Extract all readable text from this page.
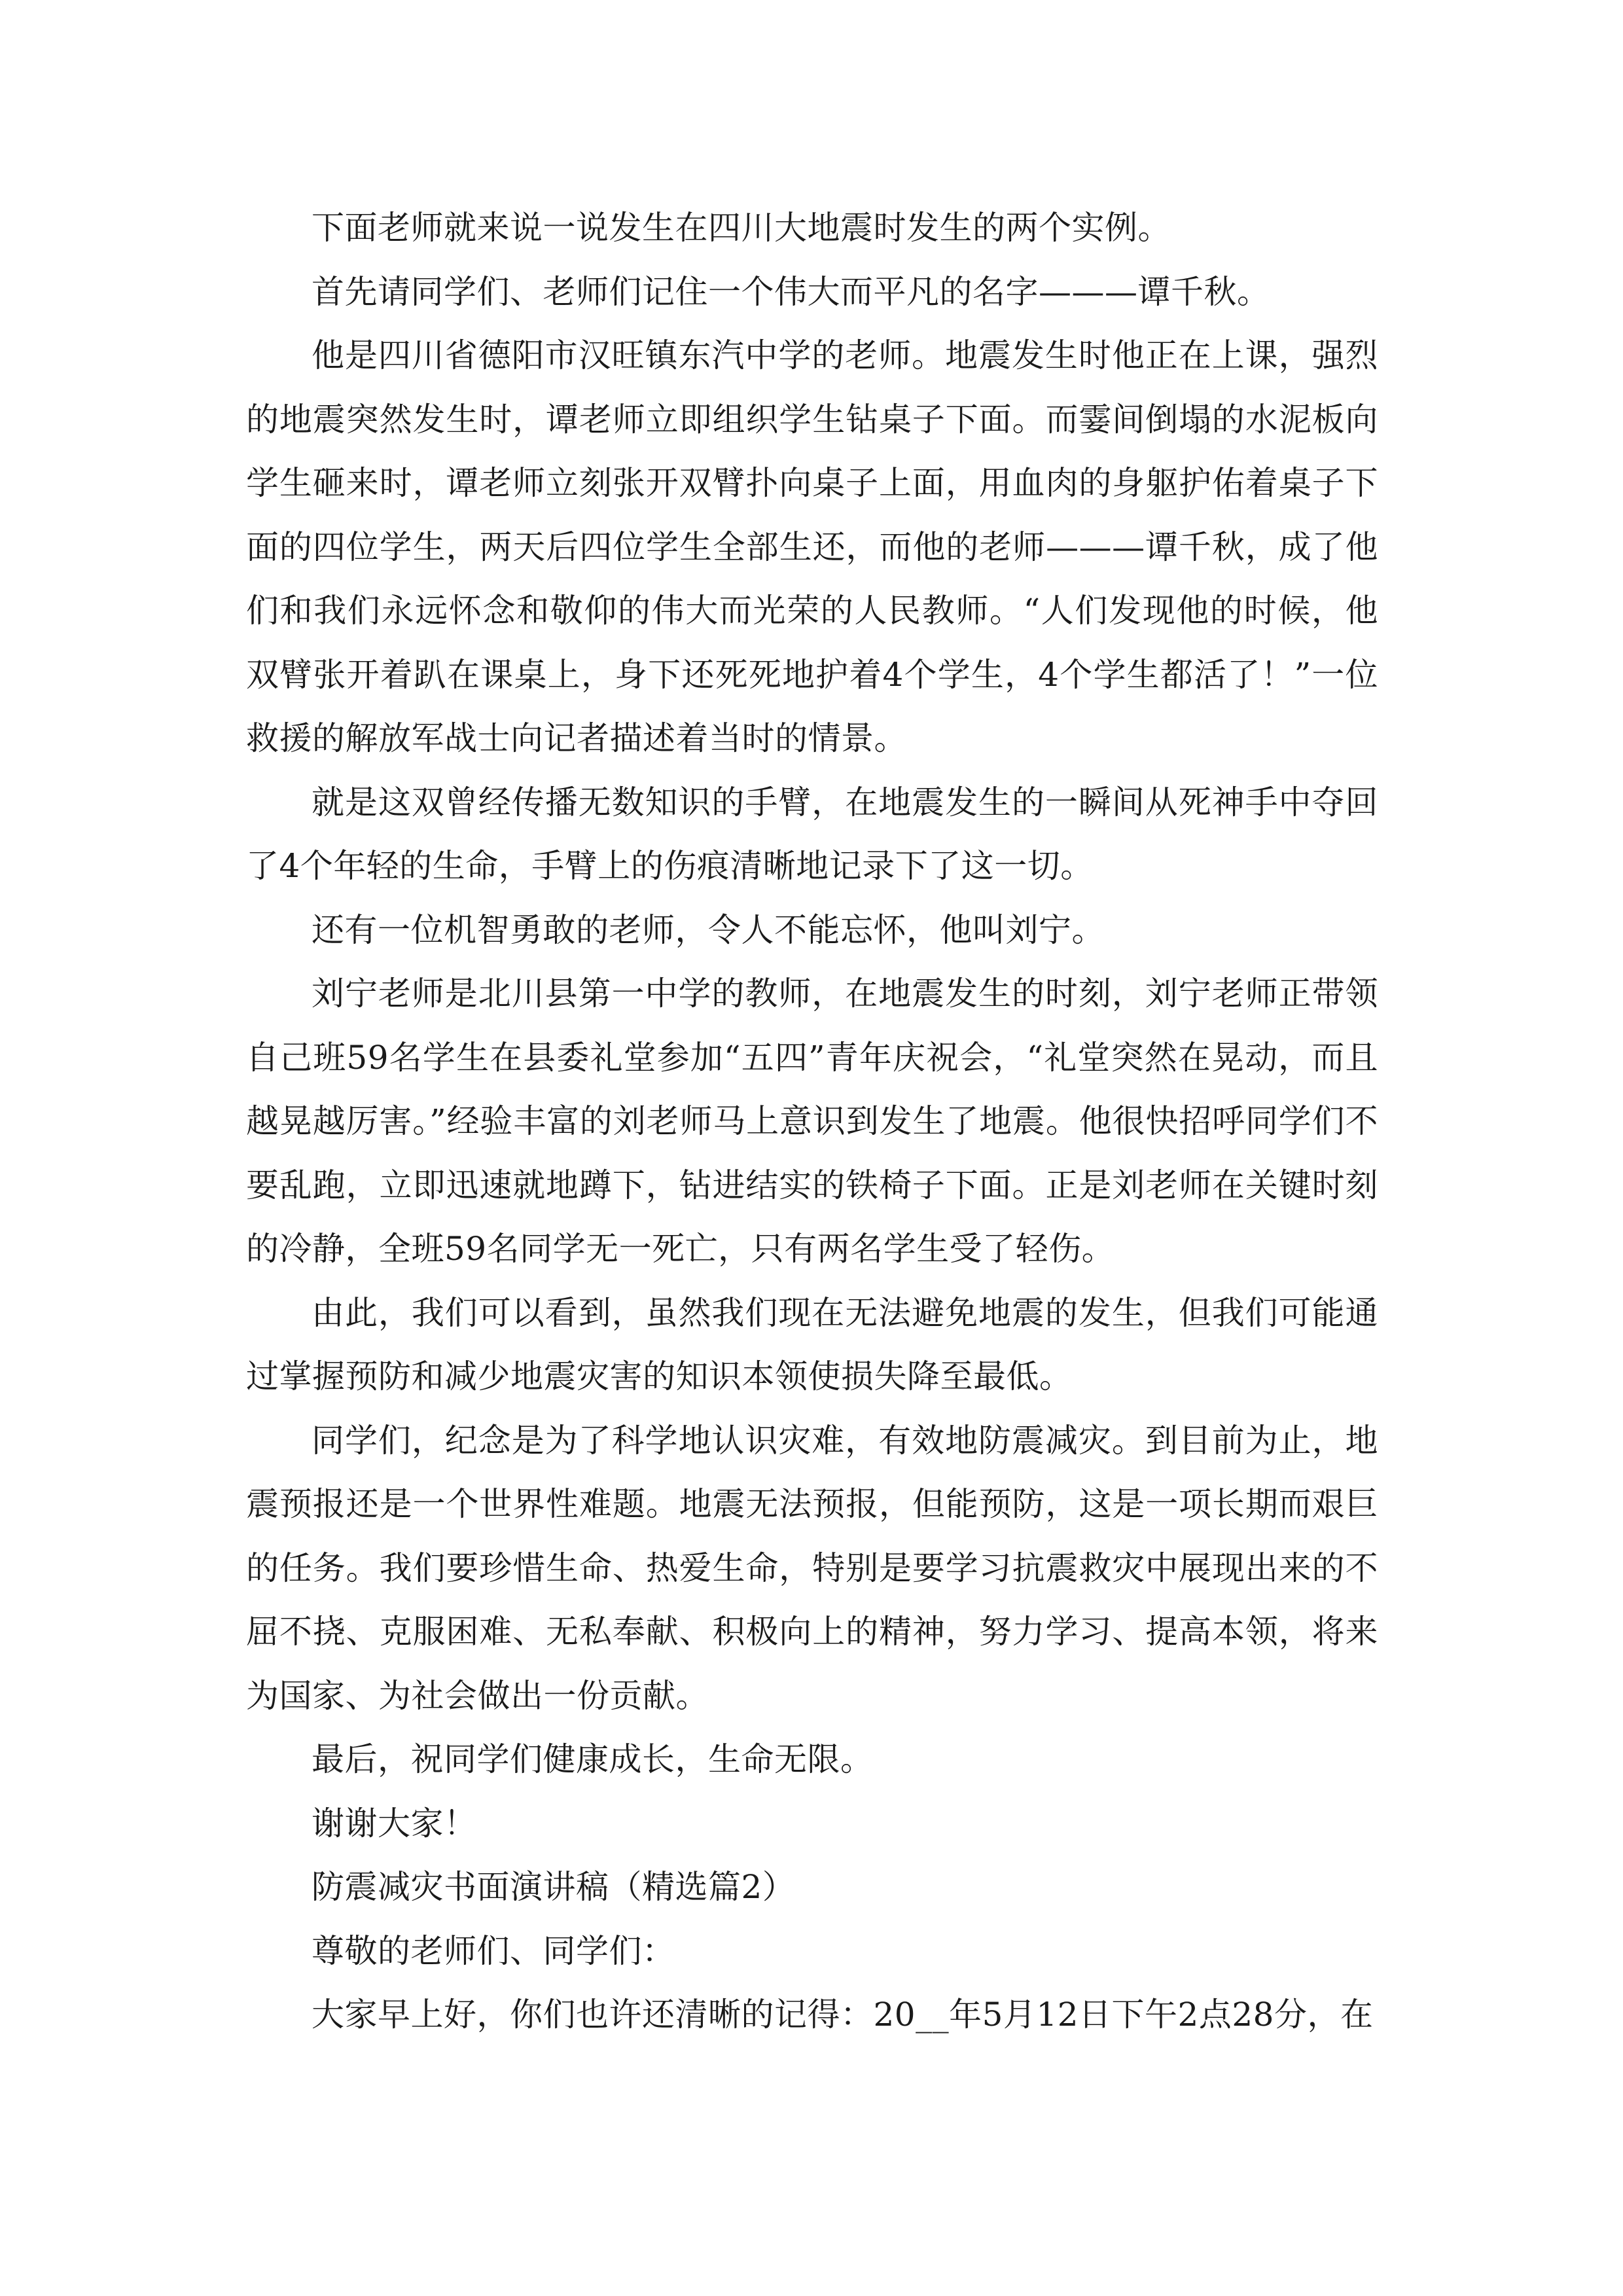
下面老师就来说一说发生在四川大地震时发生的两个实例。

首先请同学们、老师们记住一个伟大而平凡的名字———谭千秋。

他是四川省德阳市汉旺镇东汽中学的老师。地震发生时他正在上课，强烈的地震突然发生时，谭老师立即组织学生钻桌子下面。而霎间倒塌的水泥板向学生砸来时，谭老师立刻张开双臂扑向桌子上面，用血肉的身躯护佑着桌子下面的四位学生，两天后四位学生全部生还，而他的老师———谭千秋，成了他们和我们永远怀念和敬仰的伟大而光荣的人民教师。“人们发现他的时候，他双臂张开着趴在课桌上，身下还死死地护着4个学生，4个学生都活了！”一位救援的解放军战士向记者描述着当时的情景。

就是这双曾经传播无数知识的手臂，在地震发生的一瞬间从死神手中夺回了4个年轻的生命，手臂上的伤痕清晰地记录下了这一切。

还有一位机智勇敢的老师，令人不能忘怀，他叫刘宁。

刘宁老师是北川县第一中学的教师，在地震发生的时刻，刘宁老师正带领自己班59名学生在县委礼堂参加“五四”青年庆祝会，“礼堂突然在晃动，而且越晃越厉害。”经验丰富的刘老师马上意识到发生了地震。他很快招呼同学们不要乱跑，立即迅速就地蹲下，钻进结实的铁椅子下面。正是刘老师在关键时刻的冷静，全班59名同学无一死亡，只有两名学生受了轻伤。

由此，我们可以看到，虽然我们现在无法避免地震的发生，但我们可能通过掌握预防和减少地震灾害的知识本领使损失降至最低。

同学们，纪念是为了科学地认识灾难，有效地防震减灾。到目前为止，地震预报还是一个世界性难题。地震无法预报，但能预防，这是一项长期而艰巨的任务。我们要珍惜生命、热爱生命，特别是要学习抗震救灾中展现出来的不屈不挠、克服困难、无私奉献、积极向上的精神，努力学习、提高本领，将来为国家、为社会做出一份贡献。

最后，祝同学们健康成长，生命无限。

谢谢大家！

防震减灾书面演讲稿（精选篇2）

尊敬的老师们、同学们：

大家早上好，你们也许还清晰的记得：20__年5月12日下午2点28分，在
